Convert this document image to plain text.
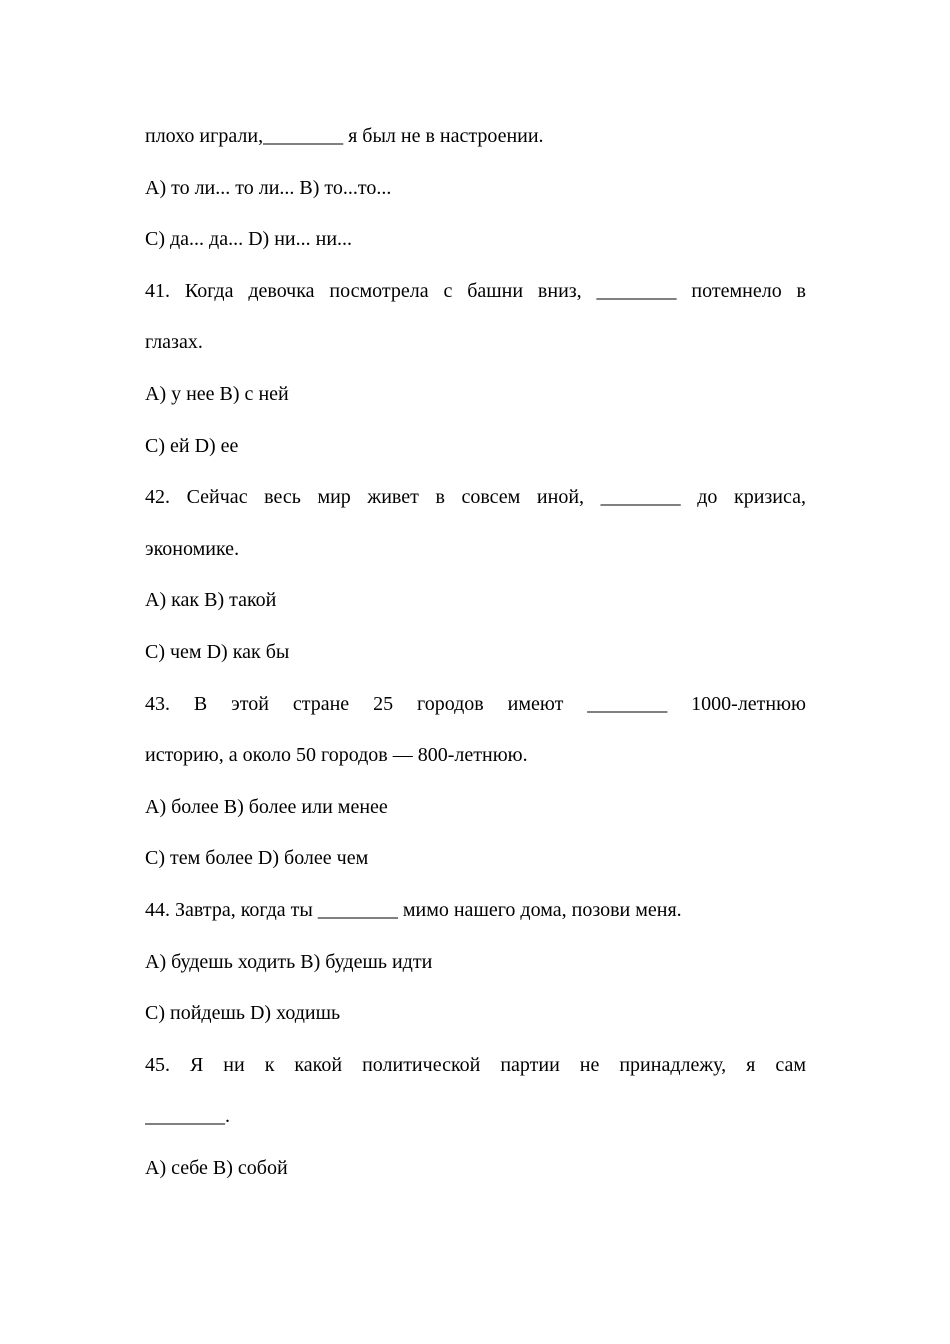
плохо играли,________ я был не в настроении.
A) то ли... то ли... B) то...то...
C) да... да... D) ни... ни...
41. Когда девочка посмотрела с башни вниз, ________ потемнело в
глазах.
A) у нее B) с ней
C) ей D) ее
42. Сейчас весь мир живет в совсем иной, ________ до кризиса,
экономике.
A) как B) такой
C) чем D) как бы
43. В этой стране 25 городов имеют ________ 1000-летнюю
историю, а около 50 городов — 800-летнюю.
A) более B) более или менее
C) тем более D) более чем
44. Завтра, когда ты ________ мимо нашего дома, позови меня.
A) будешь ходить B) будешь идти
C) пойдешь D) ходишь
45. Я ни к какой политической партии не принадлежу, я сам
________.
A) себе B) собой
